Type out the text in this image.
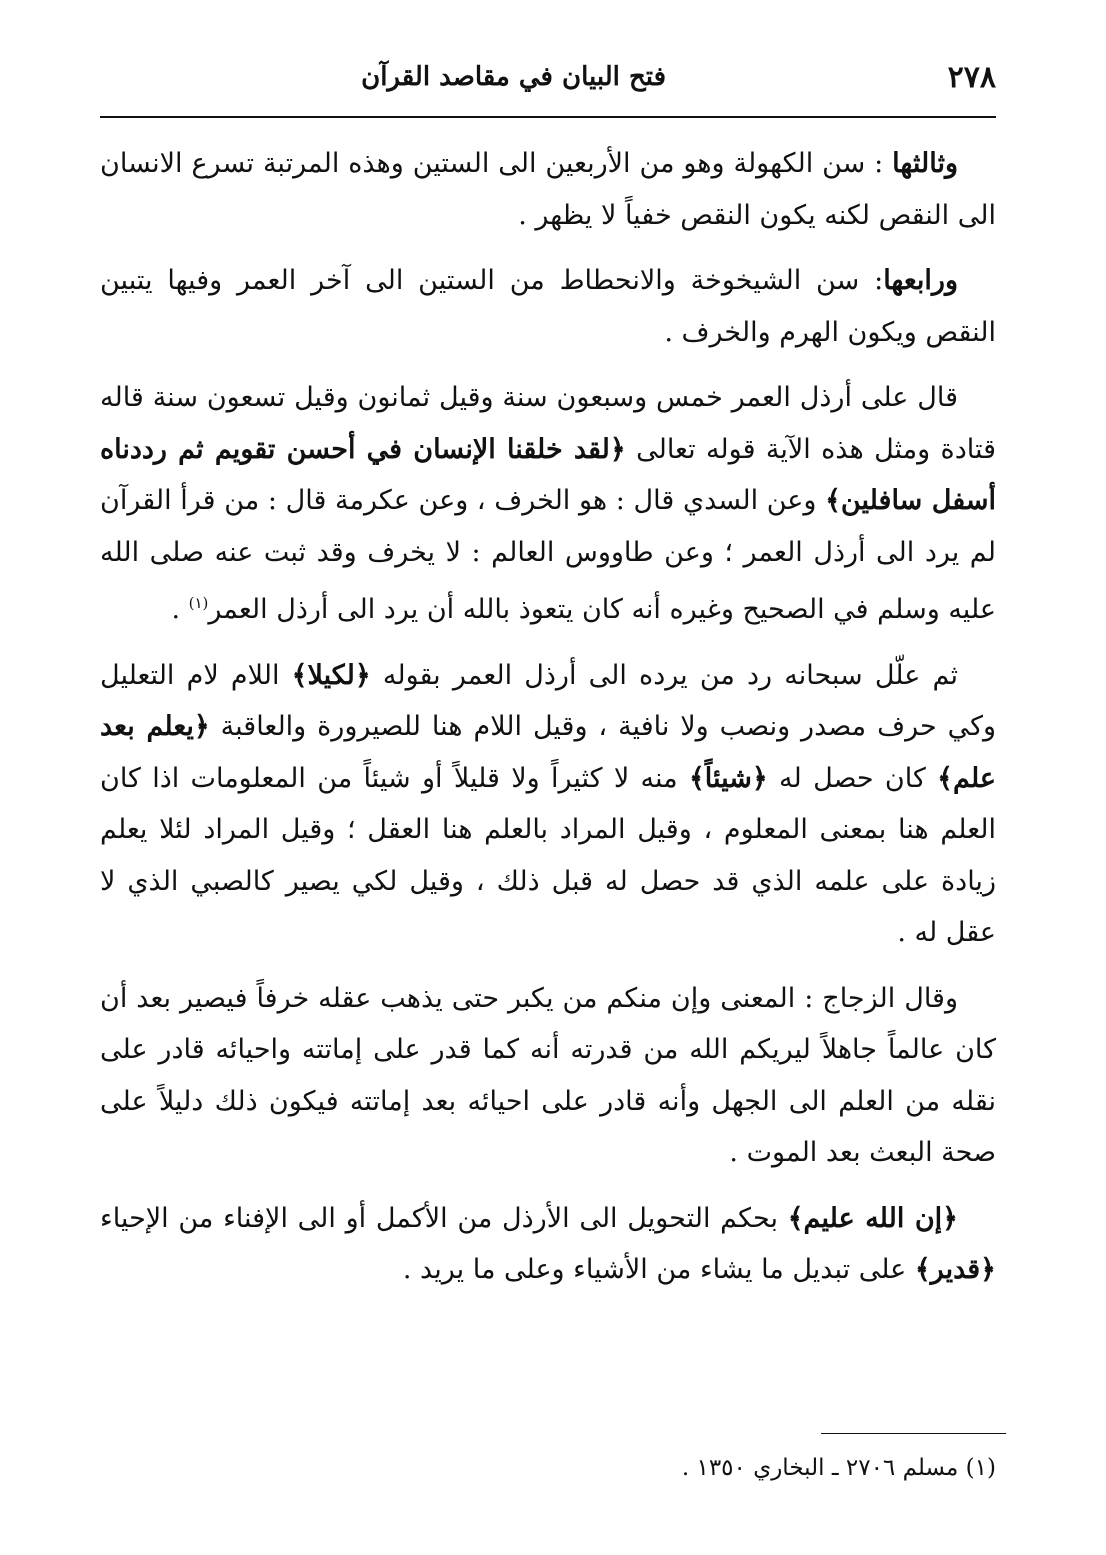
٢٧٨
فتح البيان في مقاصد القرآن

وثالثها : سن الكهولة وهو من الأربعين الى الستين وهذه المرتبة تسرع الانسان الى النقص لكنه يكون النقص خفياً لا يظهر .

ورابعها: سن الشيخوخة والانحطاط من الستين الى آخر العمر وفيها يتبين النقص ويكون الهرم والخرف .

قال على أرذل العمر خمس وسبعون سنة وقيل ثمانون وقيل تسعون سنة قاله قتادة ومثل هذه الآية قوله تعالى ﴿لقد خلقنا الإنسان في أحسن تقويم ثم رددناه أسفل سافلين﴾ وعن السدي قال : هو الخرف ، وعن عكرمة قال : من قرأ القرآن لم يرد الى أرذل العمر ؛ وعن طاووس العالم : لا يخرف وقد ثبت عنه صلى الله عليه وسلم في الصحيح وغيره أنه كان يتعوذ بالله أن يرد الى أرذل العمر$^{(١)}$ .

ثم علّل سبحانه رد من يرده الى أرذل العمر بقوله ﴿لكيلا﴾ اللام لام التعليل وكي حرف مصدر ونصب ولا نافية ، وقيل اللام هنا للصيرورة والعاقبة ﴿يعلم بعد علم﴾ كان حصل له ﴿شيئاً﴾ منه لا كثيراً ولا قليلاً أو شيئاً من المعلومات اذا كان العلم هنا بمعنى المعلوم ، وقيل المراد بالعلم هنا العقل ؛ وقيل المراد لئلا يعلم زيادة على علمه الذي قد حصل له قبل ذلك ، وقيل لكي يصير كالصبي الذي لا عقل له .

وقال الزجاج : المعنى وإن منكم من يكبر حتى يذهب عقله خرفاً فيصير بعد أن كان عالماً جاهلاً ليريكم الله من قدرته أنه كما قدر على إماتته واحيائه قادر على نقله من العلم الى الجهل وأنه قادر على احيائه بعد إماتته فيكون ذلك دليلاً على صحة البعث بعد الموت .

﴿إن الله عليم﴾ بحكم التحويل الى الأرذل من الأكمل أو الى الإفناء من الإحياء ﴿قدير﴾ على تبديل ما يشاء من الأشياء وعلى ما يريد .

(١) مسلم ٢٧٠٦ ـ البخاري ١٣٥٠ .
